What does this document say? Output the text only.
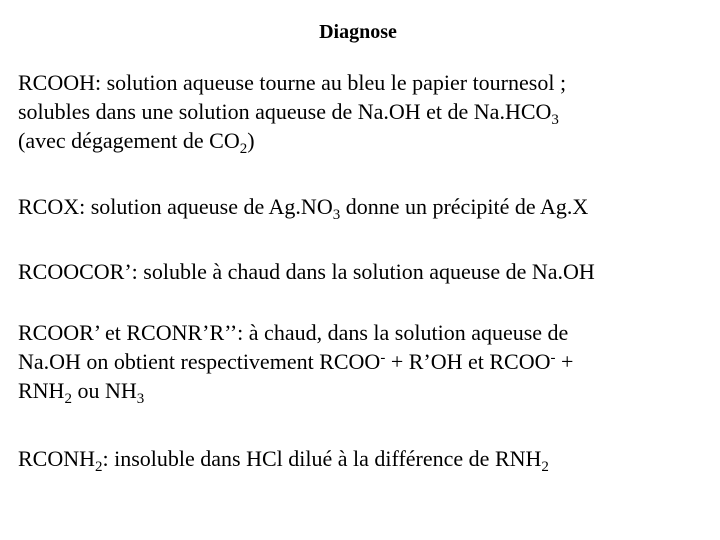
Diagnose
RCOOH: solution aqueuse tourne au bleu le papier tournesol ;
solubles dans une solution aqueuse de Na.OH et de $Na.HCO_3$
(avec dégagement de $CO_2$)
RCOX: solution aqueuse de $Ag.NO_3$ donne un précipité de Ag.X
RCOOCOR’: soluble à chaud dans la solution aqueuse de Na.OH
RCOOR’ et RCONR’R’’: à chaud, dans la solution aqueuse de
Na.OH on obtient respectivement RCOO- + R’OH et RCOO- +
$RNH_2$ ou $NH_3$
$RCONH_2$: insoluble dans HCl dilué à la différence de $RNH_2$
